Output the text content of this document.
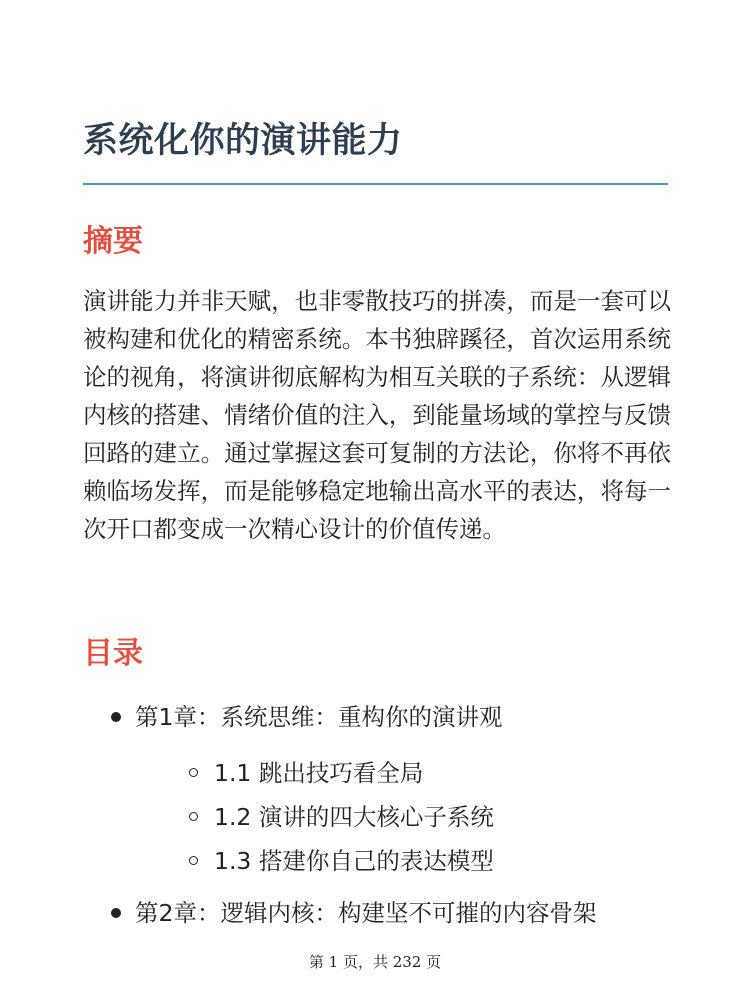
系统化你的演讲能力
摘要

演讲能力并非天赋，也非零散技巧的拼凑，而是一套可以被构建和优化的精密系统。本书独辟蹊径，首次运用系统论的视角，将演讲彻底解构为相互关联的子系统：从逻辑内核的搭建、情绪价值的注入，到能量场域的掌控与反馈回路的建立。通过掌握这套可复制的方法论，你将不再依赖临场发挥，而是能够稳定地输出高水平的表达，将每一次开口都变成一次精心设计的价值传递。

目录
第1章：系统思维：重构你的演讲观
1.1 跳出技巧看全局
1.2 演讲的四大核心子系统
1.3 搭建你自己的表达模型
第2章：逻辑内核：构建坚不可摧的内容骨架
第 1 页，共 232 页
